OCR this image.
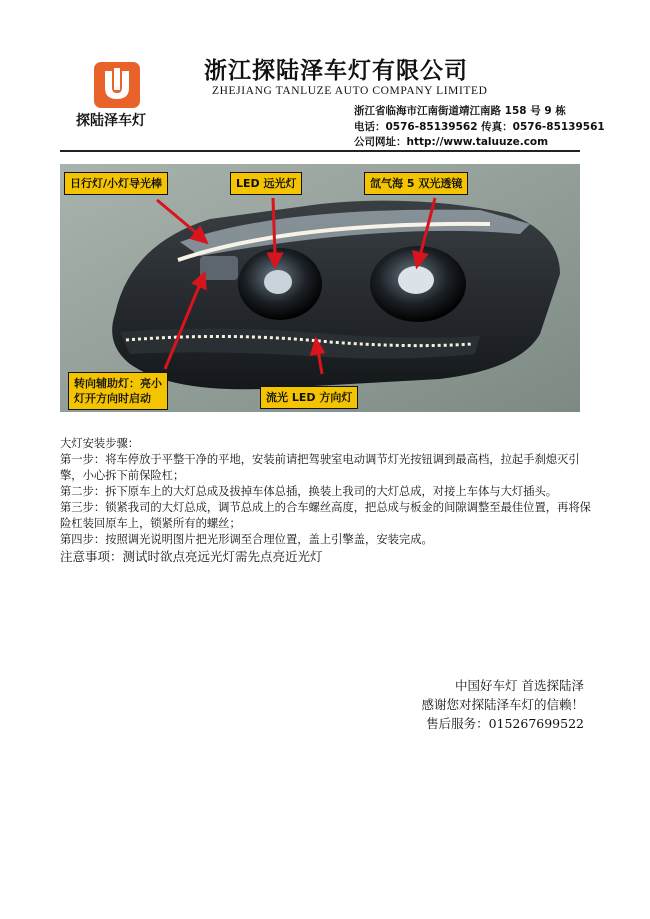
探陆泽车灯
浙江探陆泽车灯有限公司
ZHEJIANG TANLUZE AUTO COMPANY LIMITED
浙江省临海市江南街道靖江南路 158 号 9 栋
电话：0576-85139562 传真：0576-85139561
公司网址：http://www.taluuze.com
日行灯/小灯导光棒	LED 远光灯	氙气海 5 双光透镜
转向辅助灯：亮小
灯开方向时启动	流光 LED 方向灯

大灯安装步骤：

第一步：将车停放于平整干净的平地，安装前请把驾驶室电动调节灯光按钮调到最高档，拉起手刹熄灭引擎，小心拆下前保险杠；

第二步：拆下原车上的大灯总成及拔掉车体总插，换装上我司的大灯总成，对接上车体与大灯插头。

第三步：锁紧我司的大灯总成，调节总成上的合车螺丝高度，把总成与板金的间隙调整至最佳位置，再将保险杠装回原车上，锁紧所有的螺丝；

第四步：按照调光说明图片把光形调至合理位置，盖上引擎盖，安装完成。

注意事项：测试时欲点亮远光灯需先点亮近光灯

中国好车灯 首选探陆泽

感谢您对探陆泽车灯的信赖！

售后服务：015267699522
